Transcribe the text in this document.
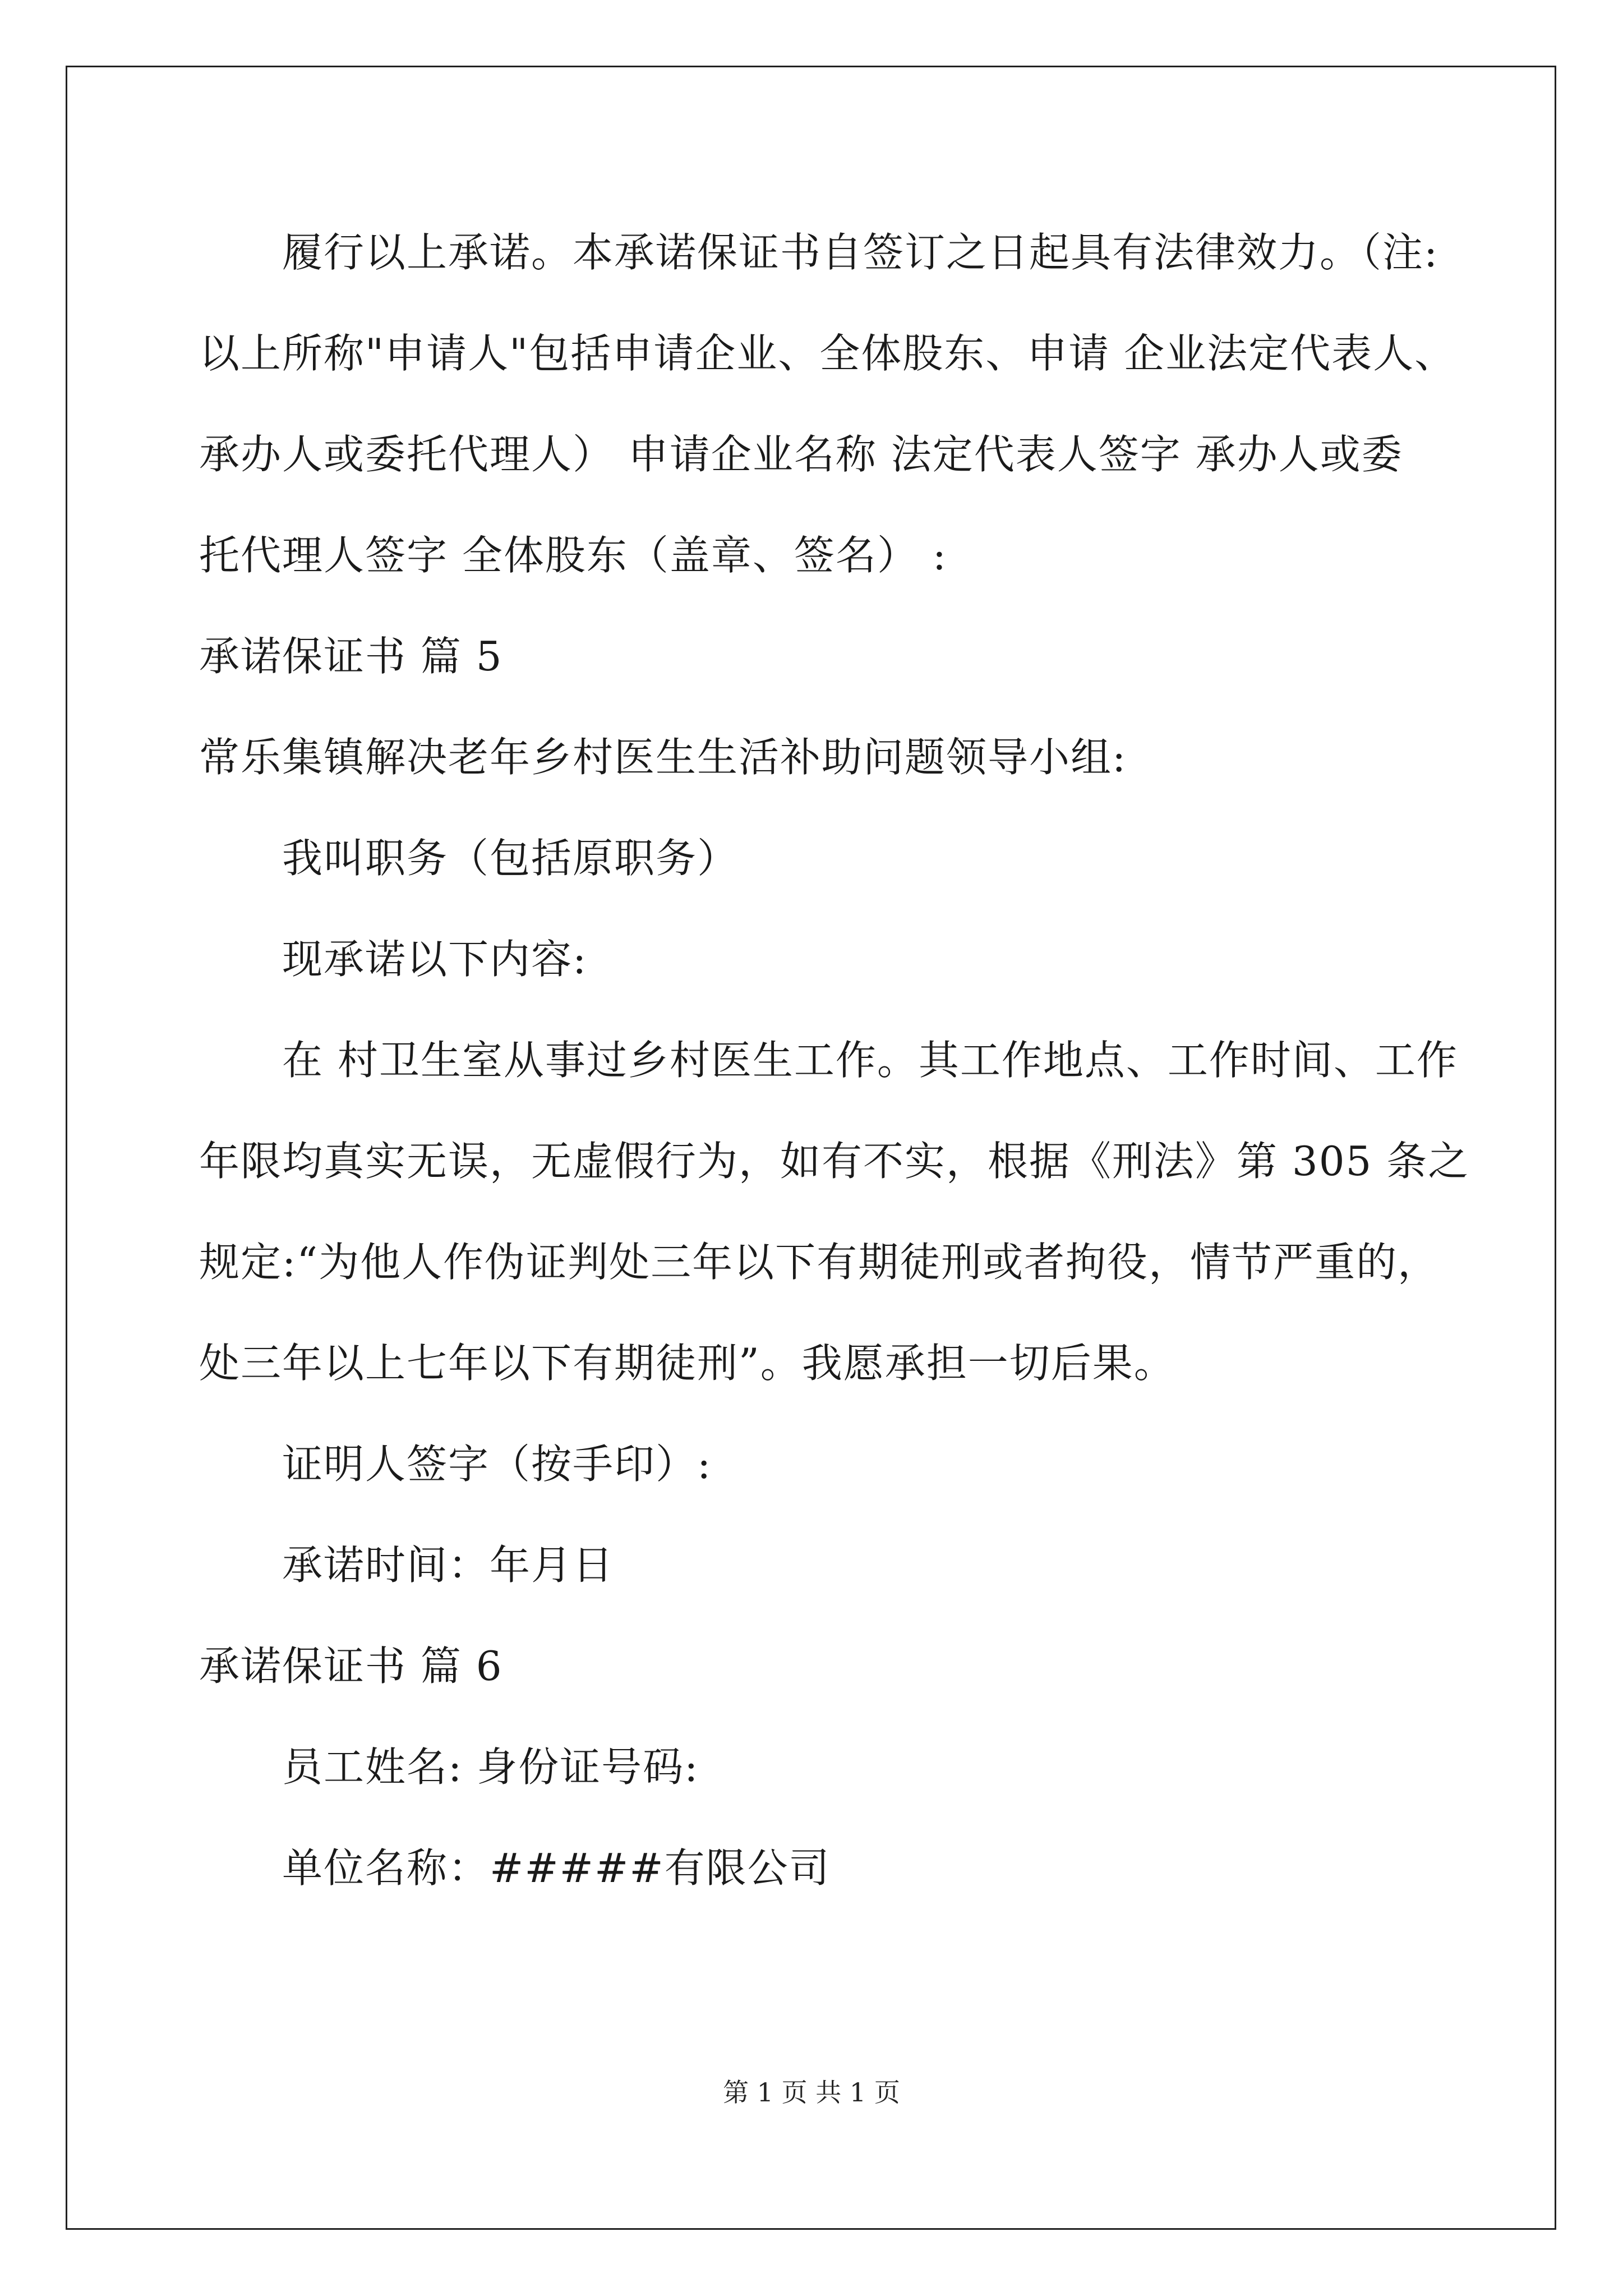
履行以上承诺。本承诺保证书自签订之日起具有法律效力。（注:
以上所称"申请人"包括申请企业、全体股东、申请 企业法定代表人、
承办人或委托代理人） 申请企业名称 法定代表人签字 承办人或委
托代理人签字 全体股东（盖章、签名） :
承诺保证书 篇 5
常乐集镇解决老年乡村医生生活补助问题领导小组:
我叫职务（包括原职务）
现承诺以下内容:
在 村卫生室从事过乡村医生工作。其工作地点、工作时间、工作
年限均真实无误，无虚假行为，如有不实，根据《刑法》第 305 条之
规定:“为他人作伪证判处三年以下有期徒刑或者拘役，情节严重的，
处三年以上七年以下有期徒刑”。我愿承担一切后果。
证明人签字（按手印）:
承诺时间：年月日
承诺保证书 篇 6
员工姓名: 身份证号码:
单位名称：#####有限公司
第 1 页 共 1 页
